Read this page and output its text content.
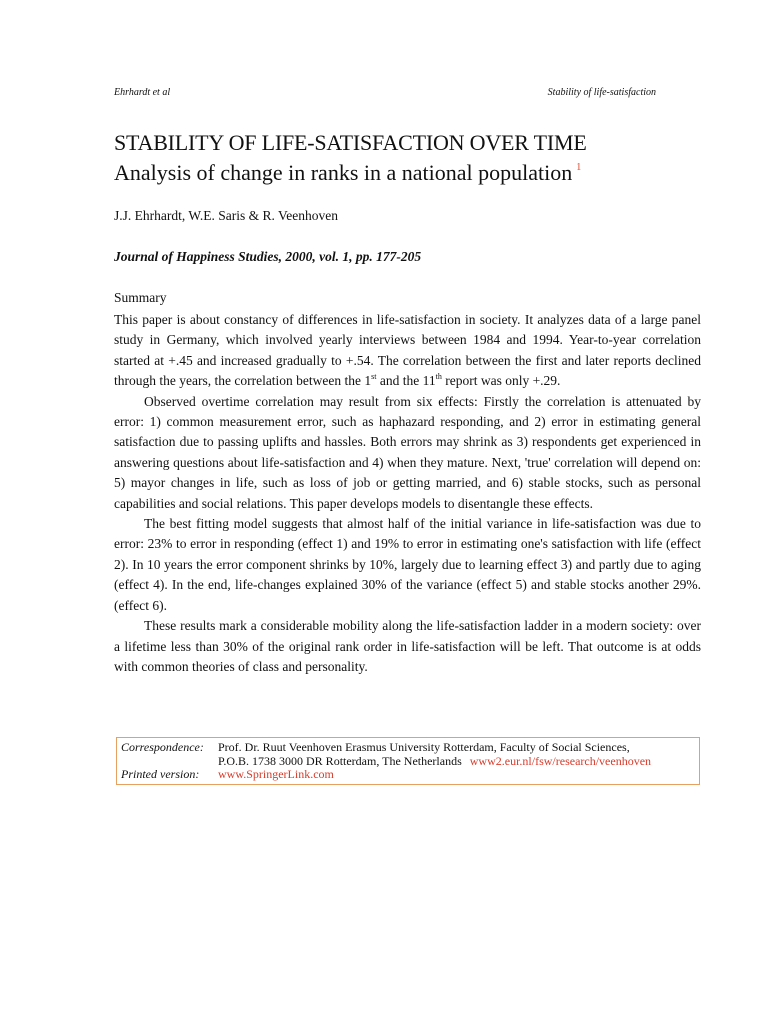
Ehrhardt et al	Stability of life-satisfaction
STABILITY OF LIFE-SATISFACTION OVER TIME
Analysis of change in ranks in a national population $^1$
J.J. Ehrhardt, W.E. Saris & R. Veenhoven
Journal of Happiness Studies, 2000, vol. 1, pp. 177-205
Summary

This paper is about constancy of differences in life-satisfaction in society. It analyzes data of a large panel study in Germany, which involved yearly interviews between 1984 and 1994. Year-to-year correlation started at +.45 and increased gradually to +.54. The correlation between the first and later reports declined through the years, the correlation between the 1st and the 11th report was only +.29.

Observed overtime correlation may result from six effects: Firstly the correlation is attenuated by error: 1) common measurement error, such as haphazard responding, and 2) error in estimating general satisfaction due to passing uplifts and hassles. Both errors may shrink as 3) respondents get experienced in answering questions about life-satisfaction and 4) when they mature. Next, 'true' correlation will depend on: 5) mayor changes in life, such as loss of job or getting married, and 6) stable stocks, such as personal capabilities and social relations. This paper develops models to disentangle these effects.

The best fitting model suggests that almost half of the initial variance in life-satisfaction was due to error: 23% to error in responding (effect 1) and 19% to error in estimating one's satisfaction with life (effect 2). In 10 years the error component shrinks by 10%, largely due to learning effect 3) and partly due to aging (effect 4). In the end, life-changes explained 30% of the variance (effect 5) and stable stocks another 29%. (effect 6).

These results mark a considerable mobility along the life-satisfaction ladder in a modern society: over a lifetime less than 30% of the original rank order in life-satisfaction will be left. That outcome is at odds with common theories of class and personality.

Correspondence:	Prof. Dr. Ruut Veenhoven Erasmus University Rotterdam, Faculty of Social Sciences,
P.O.B. 1738 3000 DR Rotterdam, The Netherlands www2.eur.nl/fsw/research/veenhoven
Printed version:	www.SpringerLink.com
